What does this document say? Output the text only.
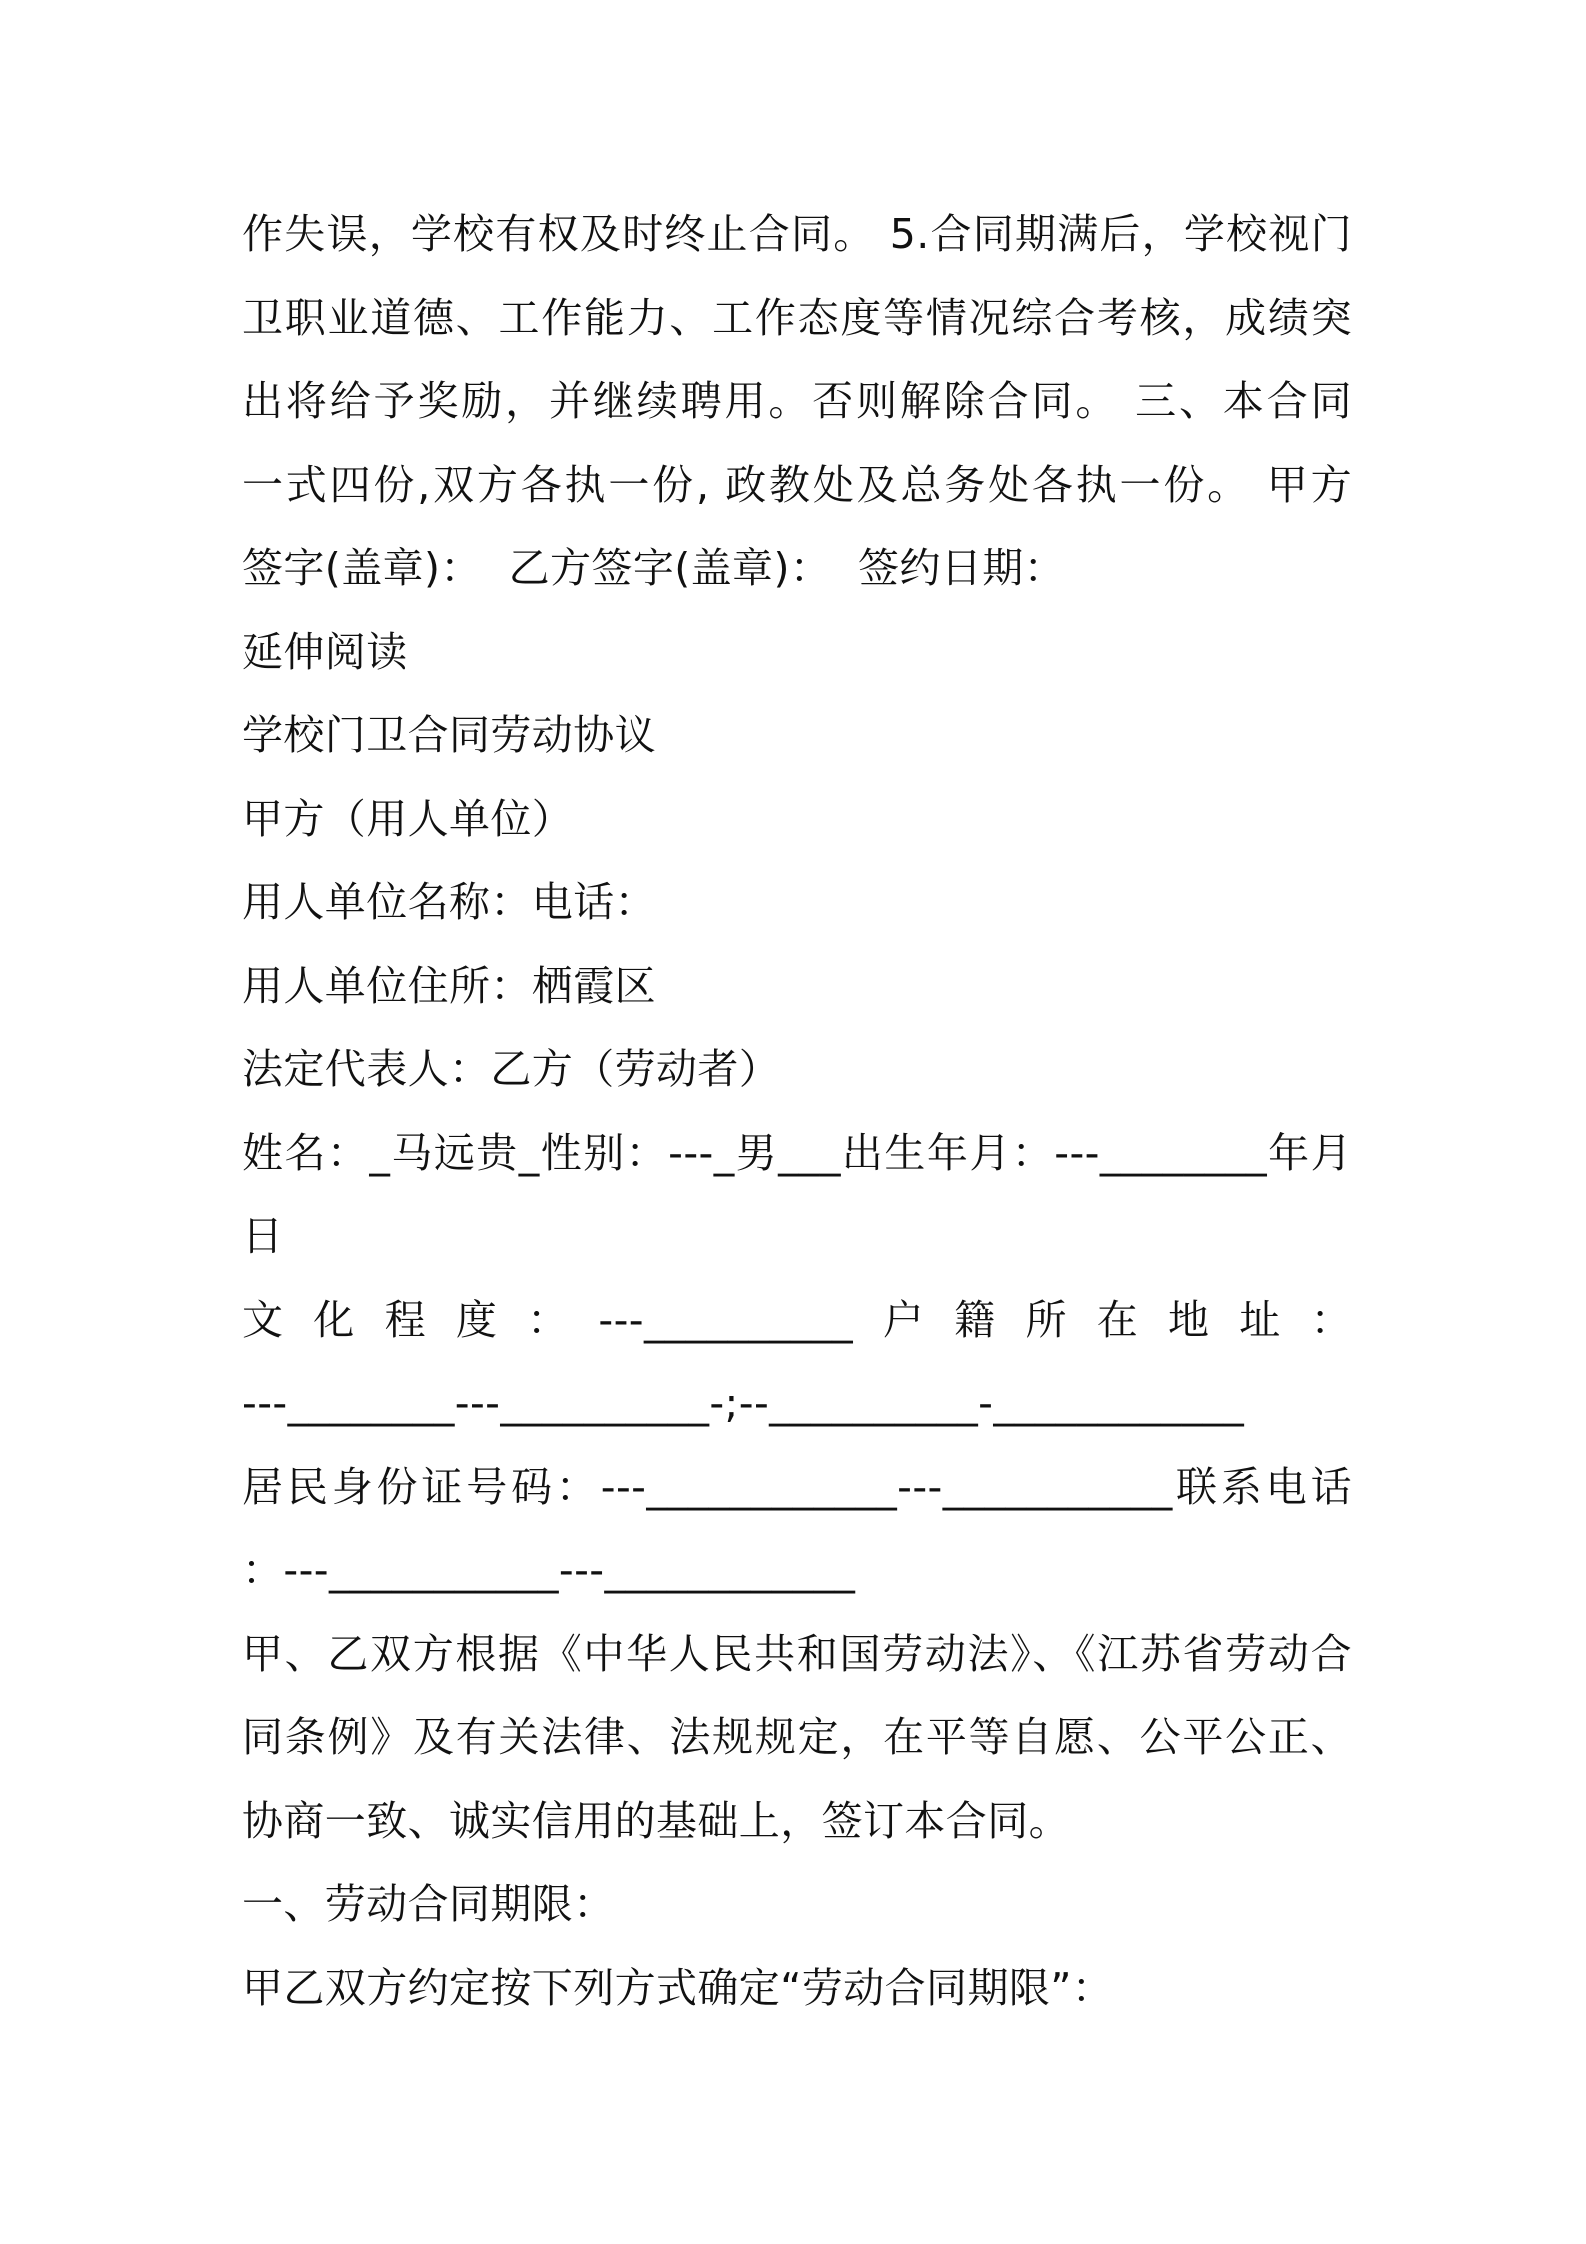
作失误，学校有权及时终止合同。 5.合同期满后，学校视门
卫职业道德、工作能力、工作态度等情况综合考核，成绩突
出将给予奖励，并继续聘用。否则解除合同。 三、本合同
一式四份,双方各执一份, 政教处及总务处各执一份。 甲方
签字(盖章)：  乙方签字(盖章)：  签约日期：
延伸阅读
学校门卫合同劳动协议
甲方（用人单位）
用人单位名称：电话：
用人单位住所：栖霞区
法定代表人：乙方（劳动者）
姓名：_马远贵_性别：---_男___出生年月：---________年月
日
文化程度：---__________户籍所在地址：
---________---__________-;--__________-____________
居民身份证号码：---____________---___________联系电话
：---___________---____________
甲、乙双方根据《中华人民共和国劳动法》、《江苏省劳动合
同条例》及有关法律、法规规定，在平等自愿、公平公正、
协商一致、诚实信用的基础上，签订本合同。
一、劳动合同期限：
甲乙双方约定按下列方式确定“劳动合同期限”：
